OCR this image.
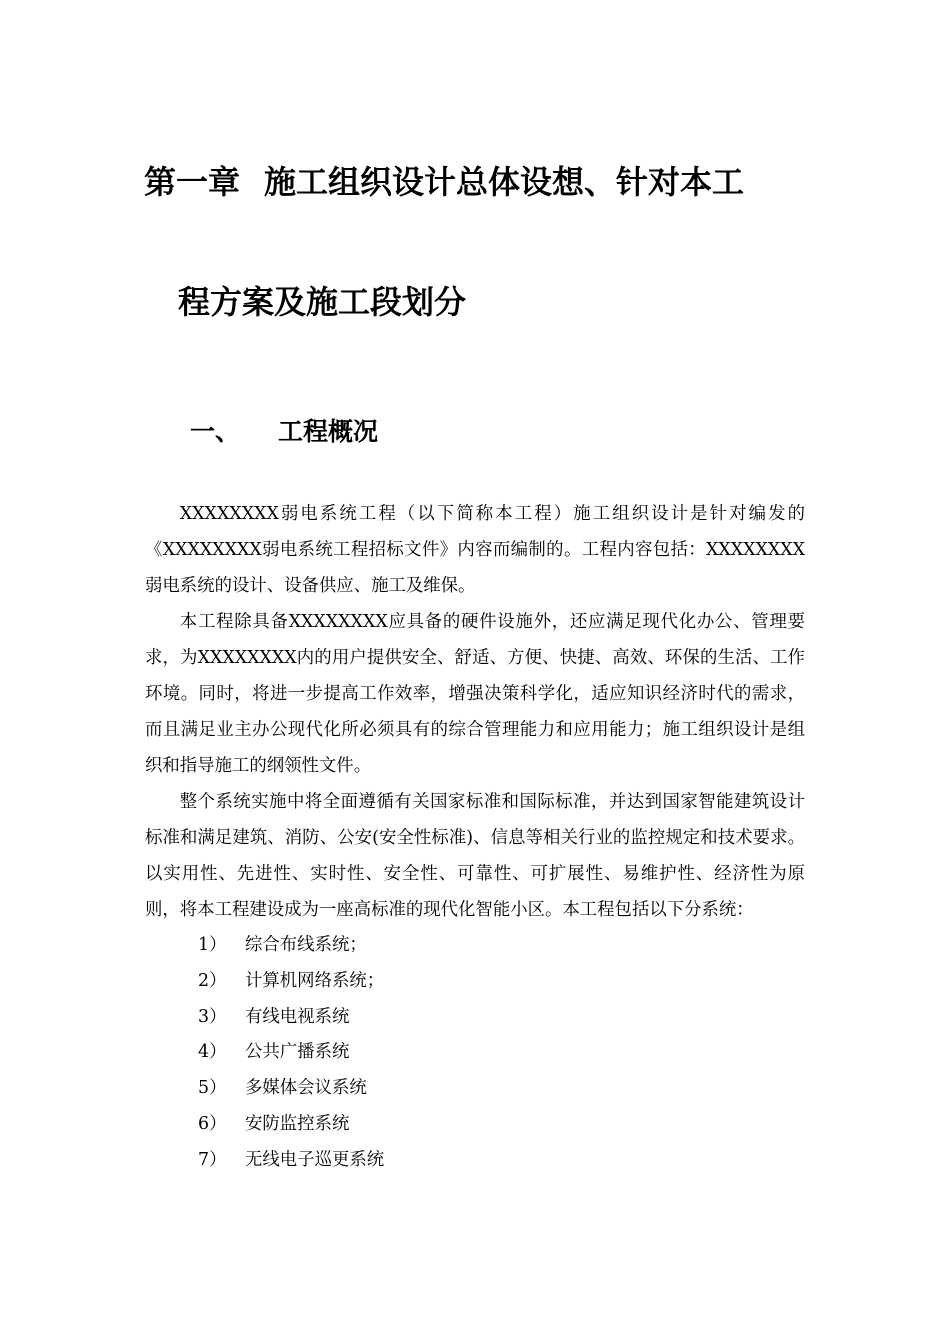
第一章 施工组织设计总体设想、针对本工
程方案及施工段划分
一、 工程概况

XXXXXXXX弱电系统工程（以下简称本工程）施工组织设计是针对编发的《XXXXXXXX弱电系统工程招标文件》内容而编制的。工程内容包括：XXXXXXXX弱电系统的设计、设备供应、施工及维保。

本工程除具备XXXXXXXX应具备的硬件设施外，还应满足现代化办公、管理要求，为XXXXXXXX内的用户提供安全、舒适、方便、快捷、高效、环保的生活、工作环境。同时，将进一步提高工作效率，增强决策科学化，适应知识经济时代的需求，而且满足业主办公现代化所必须具有的综合管理能力和应用能力；施工组织设计是组织和指导施工的纲领性文件。

整个系统实施中将全面遵循有关国家标准和国际标准，并达到国家智能建筑设计标准和满足建筑、消防、公安(安全性标准)、信息等相关行业的监控规定和技术要求。以实用性、先进性、实时性、安全性、可靠性、可扩展性、易维护性、经济性为原则，将本工程建设成为一座高标准的现代化智能小区。本工程包括以下分系统：

1） 综合布线系统；
2） 计算机网络系统；
3） 有线电视系统
4） 公共广播系统
5） 多媒体会议系统
6） 安防监控系统
7） 无线电子巡更系统
